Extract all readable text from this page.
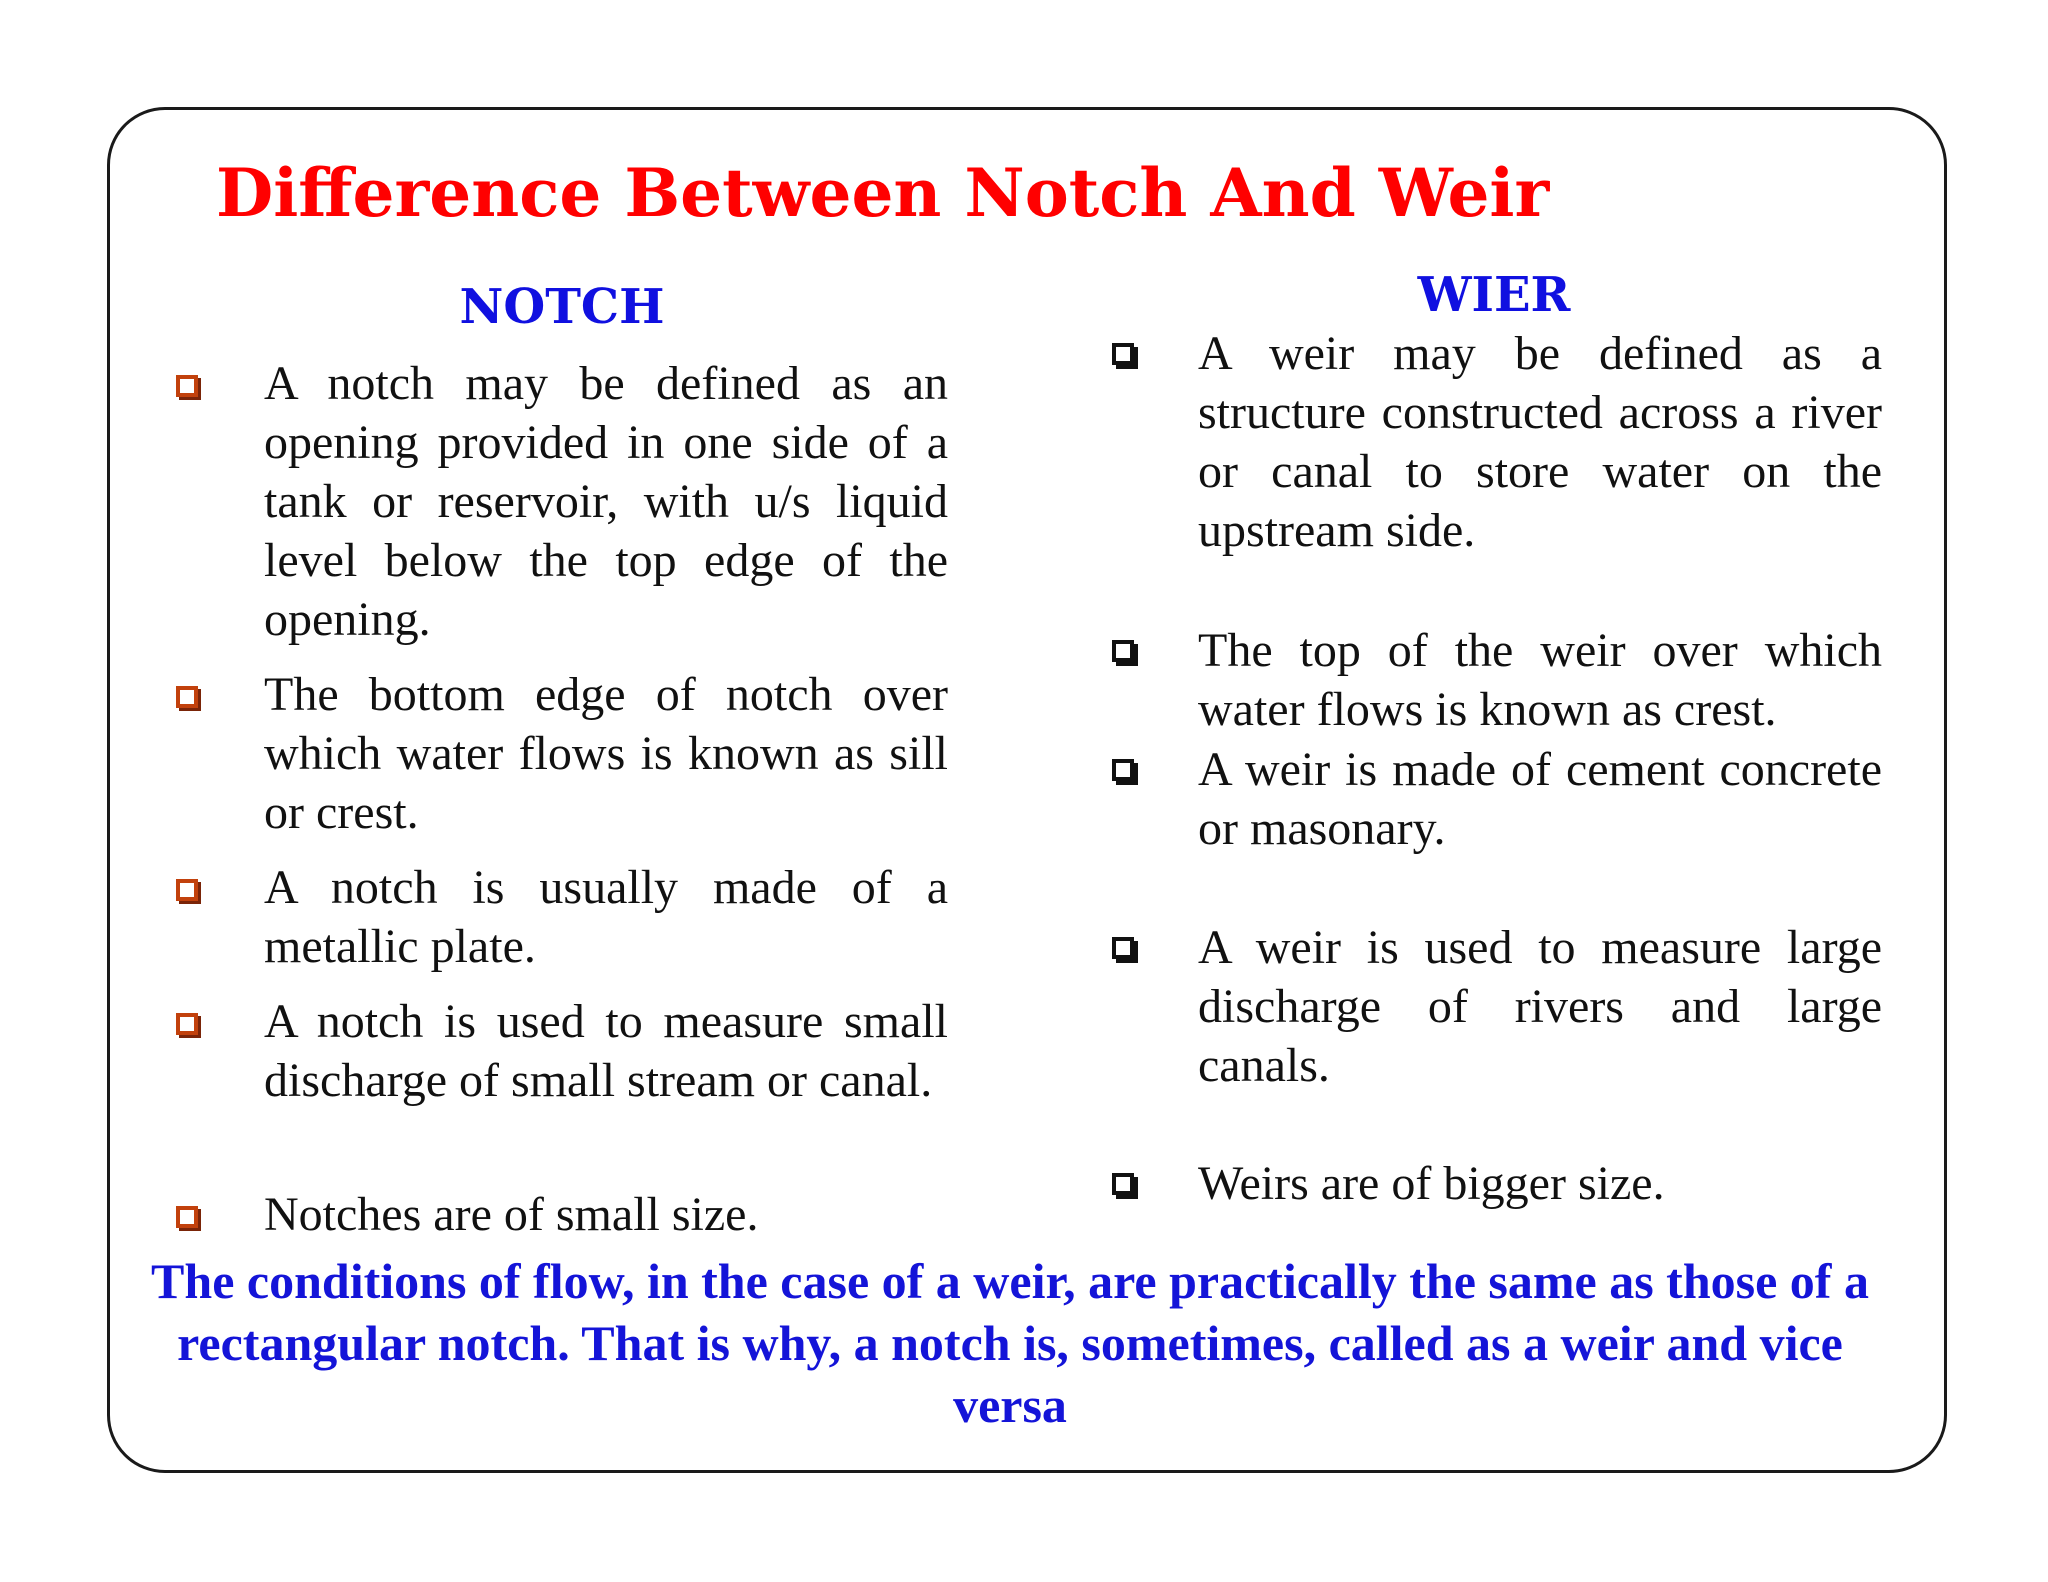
Difference Between Notch And Weir
NOTCH
A notch may be defined as an opening provided in one side of a tank or reservoir, with u/s liquid level below the top edge of the opening.
The bottom edge of notch over which water flows is known as sill or crest.
A notch is usually made of a metallic plate.
A notch is used to measure small discharge of small stream or canal.
Notches are of small size.
WIER
A weir may be defined as a structure constructed across a river or canal to store water on the upstream side.
The top of the weir over which water flows is known as crest.
A weir is made of cement concrete or masonary.
A weir is used to measure large discharge of rivers and large canals.
Weirs are of bigger size.

The conditions of flow, in the case of a weir, are practically the same as those of a rectangular notch. That is why, a notch is, sometimes, called as a weir and vice versa
